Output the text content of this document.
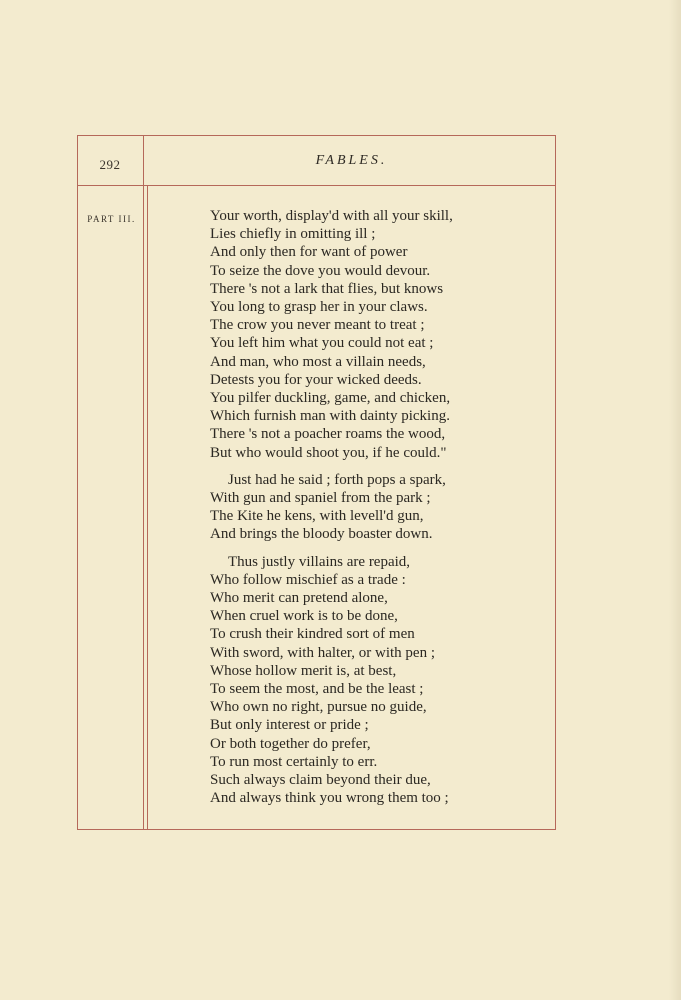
292	FABLES.
PART III.	Your worth, display'd with all your skill,
Lies chiefly in omitting ill ;
And only then for want of power
To seize the dove you would devour.
There 's not a lark that flies, but knows
You long to grasp her in your claws.
The crow you never meant to treat ;
You left him what you could not eat ;
And man, who most a villain needs,
Detests you for your wicked deeds.
You pilfer duckling, game, and chicken,
Which furnish man with dainty picking.
There 's not a poacher roams the wood,
But who would shoot you, if he could."
Just had he said ; forth pops a spark,
With gun and spaniel from the park ;
The Kite he kens, with levell'd gun,
And brings the bloody boaster down.
Thus justly villains are repaid,
Who follow mischief as a trade :
Who merit can pretend alone,
When cruel work is to be done,
To crush their kindred sort of men
With sword, with halter, or with pen ;
Whose hollow merit is, at best,
To seem the most, and be the least ;
Who own no right, pursue no guide,
But only interest or pride ;
Or both together do prefer,
To run most certainly to err.
Such always claim beyond their due,
And always think you wrong them too ;
